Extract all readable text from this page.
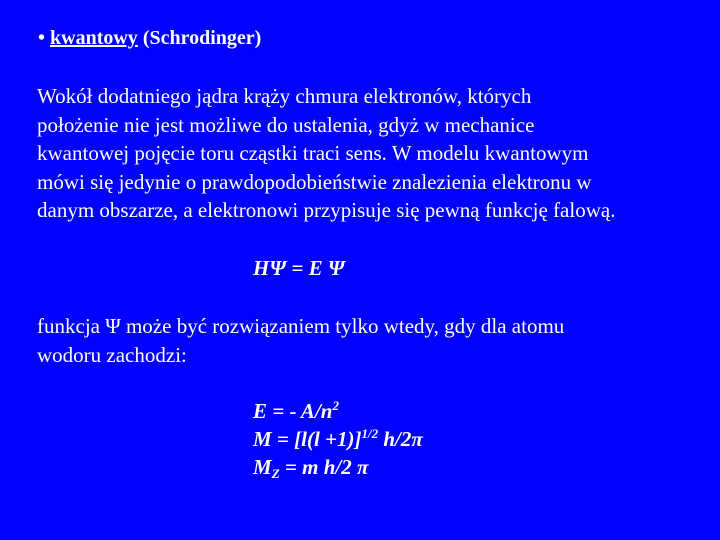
• kwantowy (Schrodinger)
Wokół dodatniego jądra krąży chmura elektronów, których
położenie nie jest możliwe do ustalenia, gdyż w mechanice
kwantowej pojęcie toru cząstki traci sens. W modelu kwantowym
mówi się jedynie o prawdopodobieństwie znalezienia elektronu w
danym obszarze, a elektronowi przypisuje się pewną funkcję falową.
HΨ = E Ψ
funkcja Ψ może być rozwiązaniem tylko wtedy, gdy dla atomu
wodoru zachodzi:
E = - $A/n^2$
$M = [l(l +1)]^{1/2}$ h/2π
$M_Z = m$ h/2 π
